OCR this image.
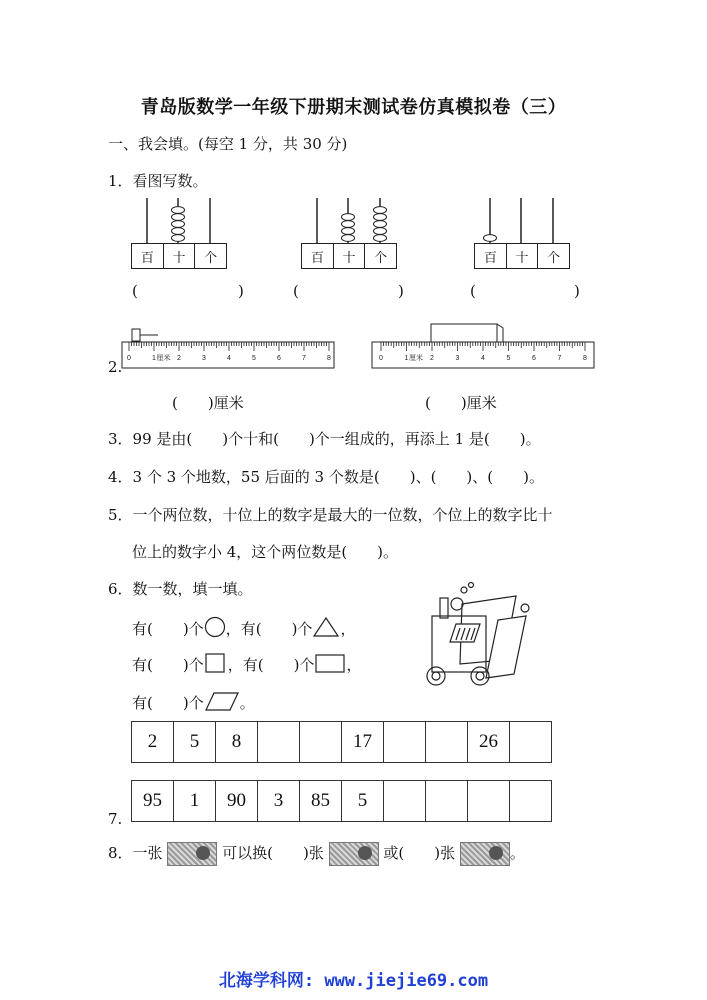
青岛版数学一年级下册期末测试卷仿真模拟卷（三）
一、我会填。(每空 1 分，共 30 分)
1．看图写数。
百	十	个	百	十	个	百	十	个
(	)	(	)	(	)
2. 0	1	2	3	4	5	6	7	8
厘米	0	1	2	3	4	5	6	7	8
厘米
(　　)厘米	(　　)厘米
3．99 是由(　　)个十和(　　)个一组成的，再添上 1 是(　　)。
4．3 个 3 个地数，55 后面的 3 个数是(　　)、(　　)、(　　)。
5．一个两位数，十位上的数字是最大的一位数，个位上的数字比十
位上的数字小 4，这个两位数是(　　)。
6．数一数，填一填。
有(　　)个 ，有(　　)个 ，
有(　　)个 ，有(　　)个 ，
有(　　)个 。
2	5	8			17			26	
7.
95	1	90	3	85	5				
8．一张	可以换(　　)张	或(　　)张	。
北海学科网: www.jiejie69.com
